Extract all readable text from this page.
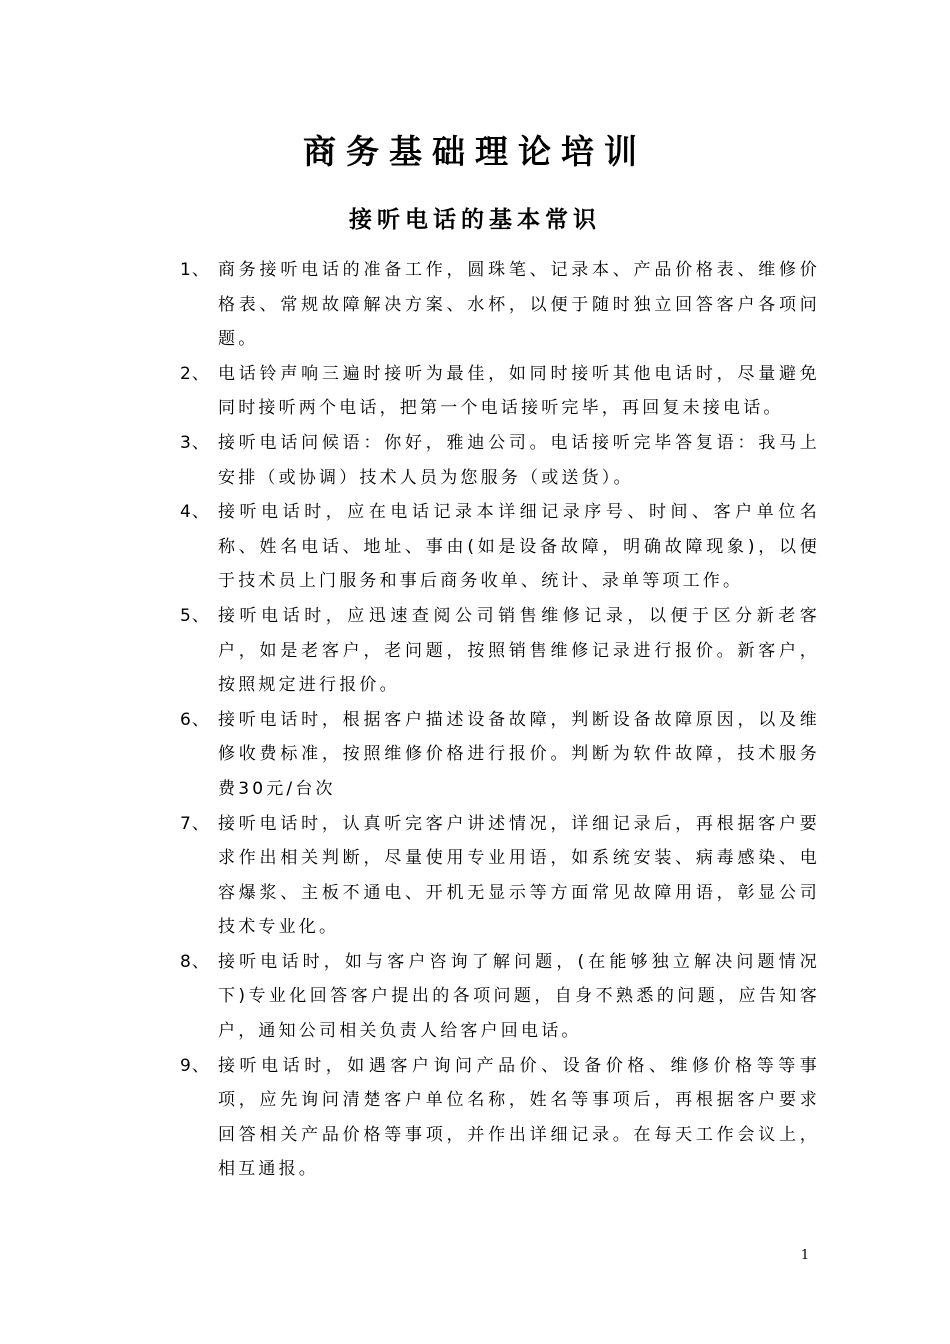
商务基础理论培训
接听电话的基本常识
1、 商务接听电话的准备工作，圆珠笔、记录本、产品价格表、维修价格表、常规故障解决方案、水杯，以便于随时独立回答客户各项问题。
2、 电话铃声响三遍时接听为最佳，如同时接听其他电话时，尽量避免同时接听两个电话，把第一个电话接听完毕，再回复未接电话。
3、 接听电话问候语：你好，雅迪公司。电话接听完毕答复语：我马上安排（或协调）技术人员为您服务（或送货）。
4、 接听电话时，应在电话记录本详细记录序号、时间、客户单位名称、姓名电话、地址、事由(如是设备故障，明确故障现象)，以便于技术员上门服务和事后商务收单、统计、录单等项工作。
5、 接听电话时，应迅速查阅公司销售维修记录，以便于区分新老客户，如是老客户，老问题，按照销售维修记录进行报价。新客户，按照规定进行报价。
6、 接听电话时，根据客户描述设备故障，判断设备故障原因，以及维修收费标准，按照维修价格进行报价。判断为软件故障，技术服务费30元/台次
7、 接听电话时，认真听完客户讲述情况，详细记录后，再根据客户要求作出相关判断，尽量使用专业用语，如系统安装、病毒感染、电容爆浆、主板不通电、开机无显示等方面常见故障用语，彰显公司技术专业化。
8、 接听电话时，如与客户咨询了解问题，(在能够独立解决问题情况下)专业化回答客户提出的各项问题，自身不熟悉的问题，应告知客户，通知公司相关负责人给客户回电话。
9、 接听电话时，如遇客户询问产品价、设备价格、维修价格等等事项，应先询问清楚客户单位名称，姓名等事项后，再根据客户要求回答相关产品价格等事项，并作出详细记录。在每天工作会议上，相互通报。
1
